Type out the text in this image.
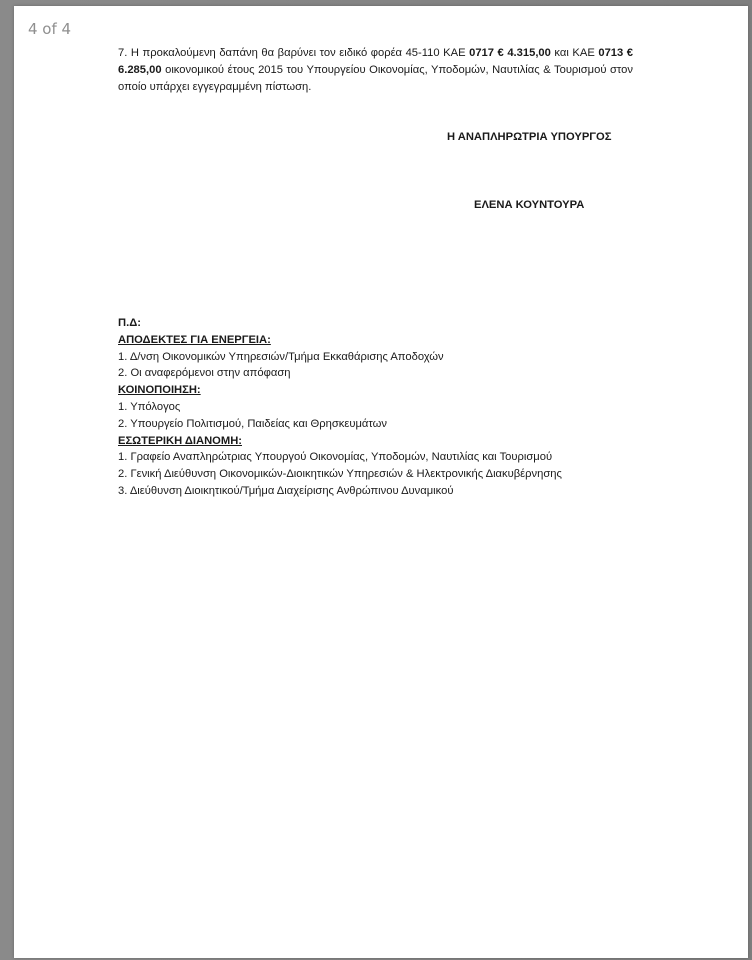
4 of 4
7. Η προκαλούμενη δαπάνη θα βαρύνει τον ειδικό φορέα 45-110 ΚΑΕ 0717 € 4.315,00 και ΚΑΕ 0713 € 6.285,00 οικονομικού έτους 2015 του Υπουργείου Οικονομίας, Υποδομών, Ναυτιλίας & Τουρισμού στον οποίο υπάρχει εγγεγραμμένη πίστωση.
Η ΑΝΑΠΛΗΡΩΤΡΙΑ ΥΠΟΥΡΓΟΣ
ΕΛΕΝΑ ΚΟΥΝΤΟΥΡΑ
Π.Δ:
ΑΠΟΔΕΚΤΕΣ ΓΙΑ ΕΝΕΡΓΕΙΑ:
1. Δ/νση Οικονομικών Υπηρεσιών/Τμήμα Εκκαθάρισης Αποδοχών
2. Οι αναφερόμενοι στην απόφαση
ΚΟΙΝΟΠΟΙΗΣΗ:
1. Υπόλογος
2. Υπουργείο Πολιτισμού, Παιδείας και Θρησκευμάτων
ΕΣΩΤΕΡΙΚΗ ΔΙΑΝΟΜΗ:
1. Γραφείο Αναπληρώτριας Υπουργού Οικονομίας, Υποδομών, Ναυτιλίας και Τουρισμού
2. Γενική Διεύθυνση Οικονομικών-Διοικητικών Υπηρεσιών & Ηλεκτρονικής Διακυβέρνησης
3. Διεύθυνση Διοικητικού/Τμήμα Διαχείρισης Ανθρώπινου Δυναμικού
